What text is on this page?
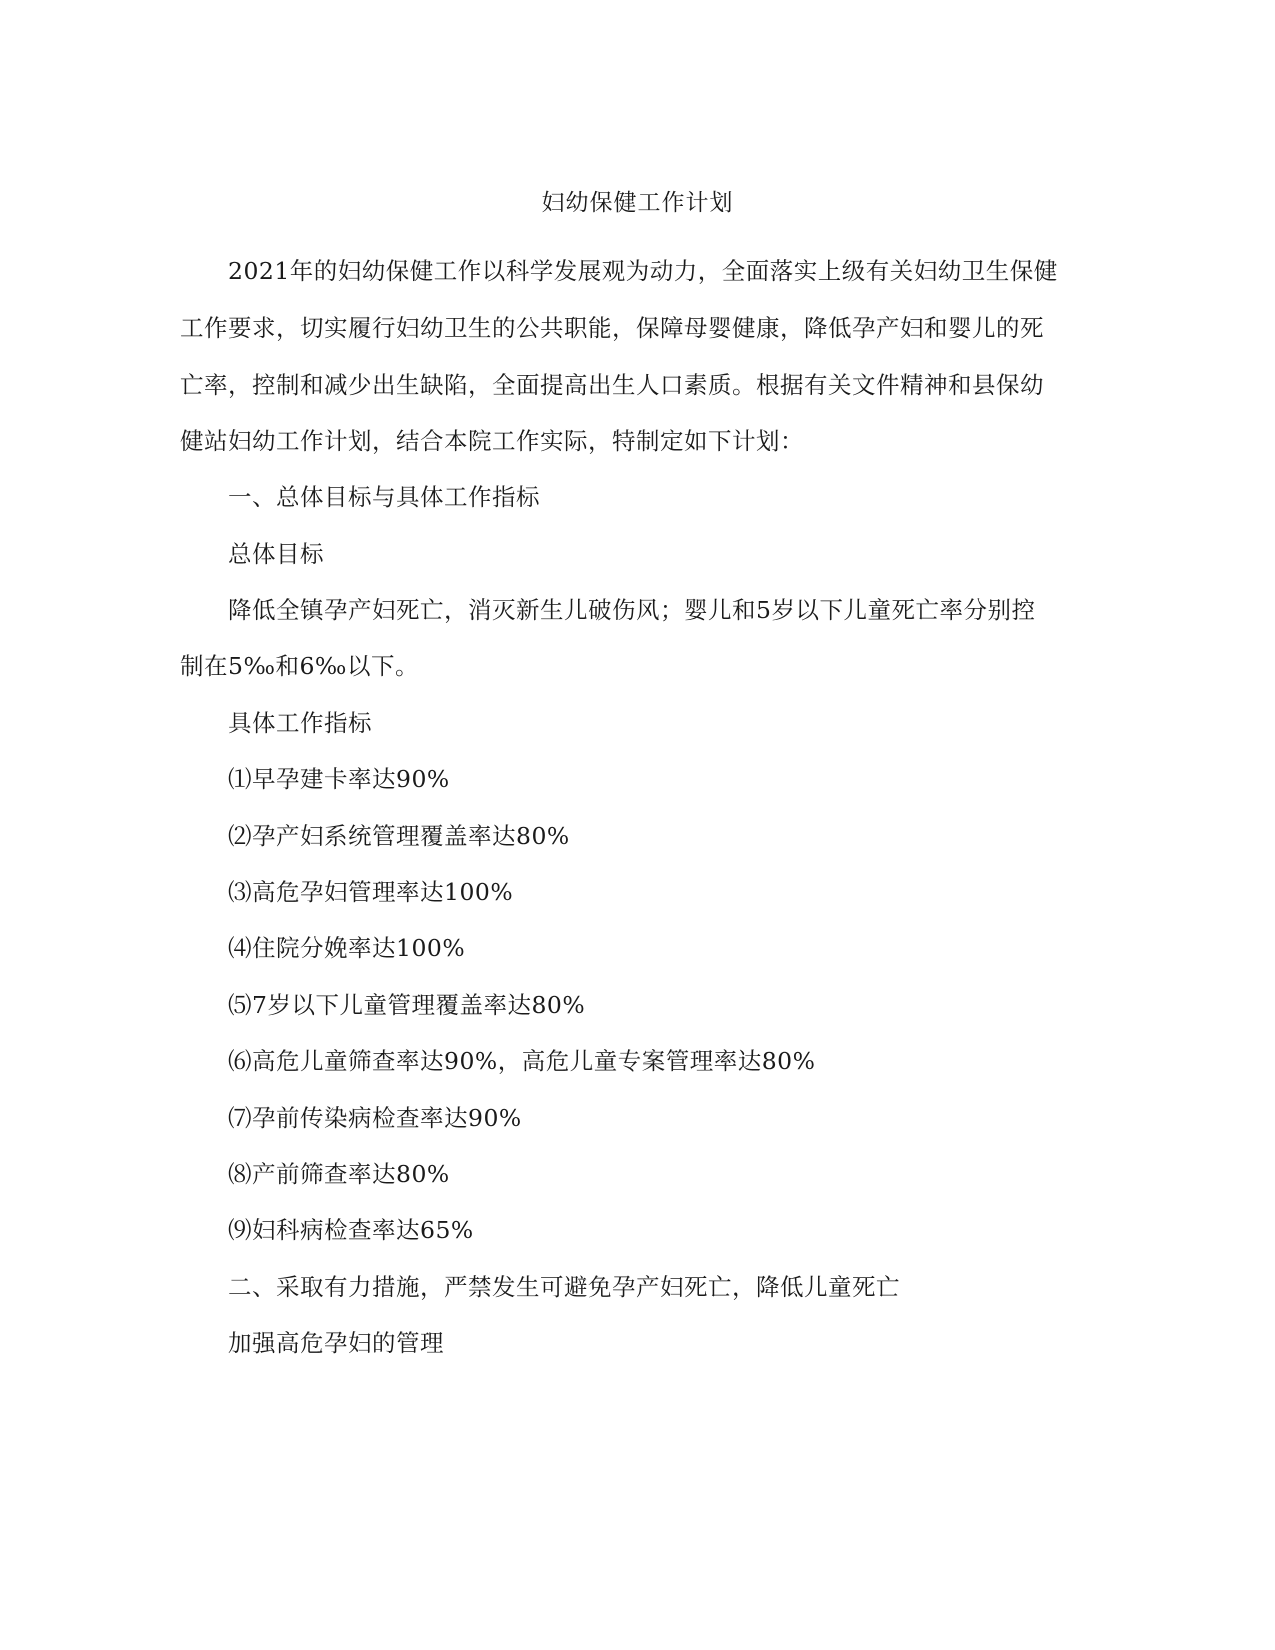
妇幼保健工作计划
2021年的妇幼保健工作以科学发展观为动力，全面落实上级有关妇幼卫生保健
工作要求，切实履行妇幼卫生的公共职能，保障母婴健康，降低孕产妇和婴儿的死
亡率，控制和减少出生缺陷，全面提高出生人口素质。根据有关文件精神和县保幼
健站妇幼工作计划，结合本院工作实际，特制定如下计划：
一、总体目标与具体工作指标
总体目标
降低全镇孕产妇死亡，消灭新生儿破伤风；婴儿和5岁以下儿童死亡率分别控
制在5‰和6‰以下。
具体工作指标
⑴早孕建卡率达90%
⑵孕产妇系统管理覆盖率达80%
⑶高危孕妇管理率达100%
⑷住院分娩率达100%
⑸7岁以下儿童管理覆盖率达80%
⑹高危儿童筛查率达90%，高危儿童专案管理率达80%
⑺孕前传染病检查率达90%
⑻产前筛查率达80%
⑼妇科病检查率达65%
二、采取有力措施，严禁发生可避免孕产妇死亡，降低儿童死亡
加强高危孕妇的管理
